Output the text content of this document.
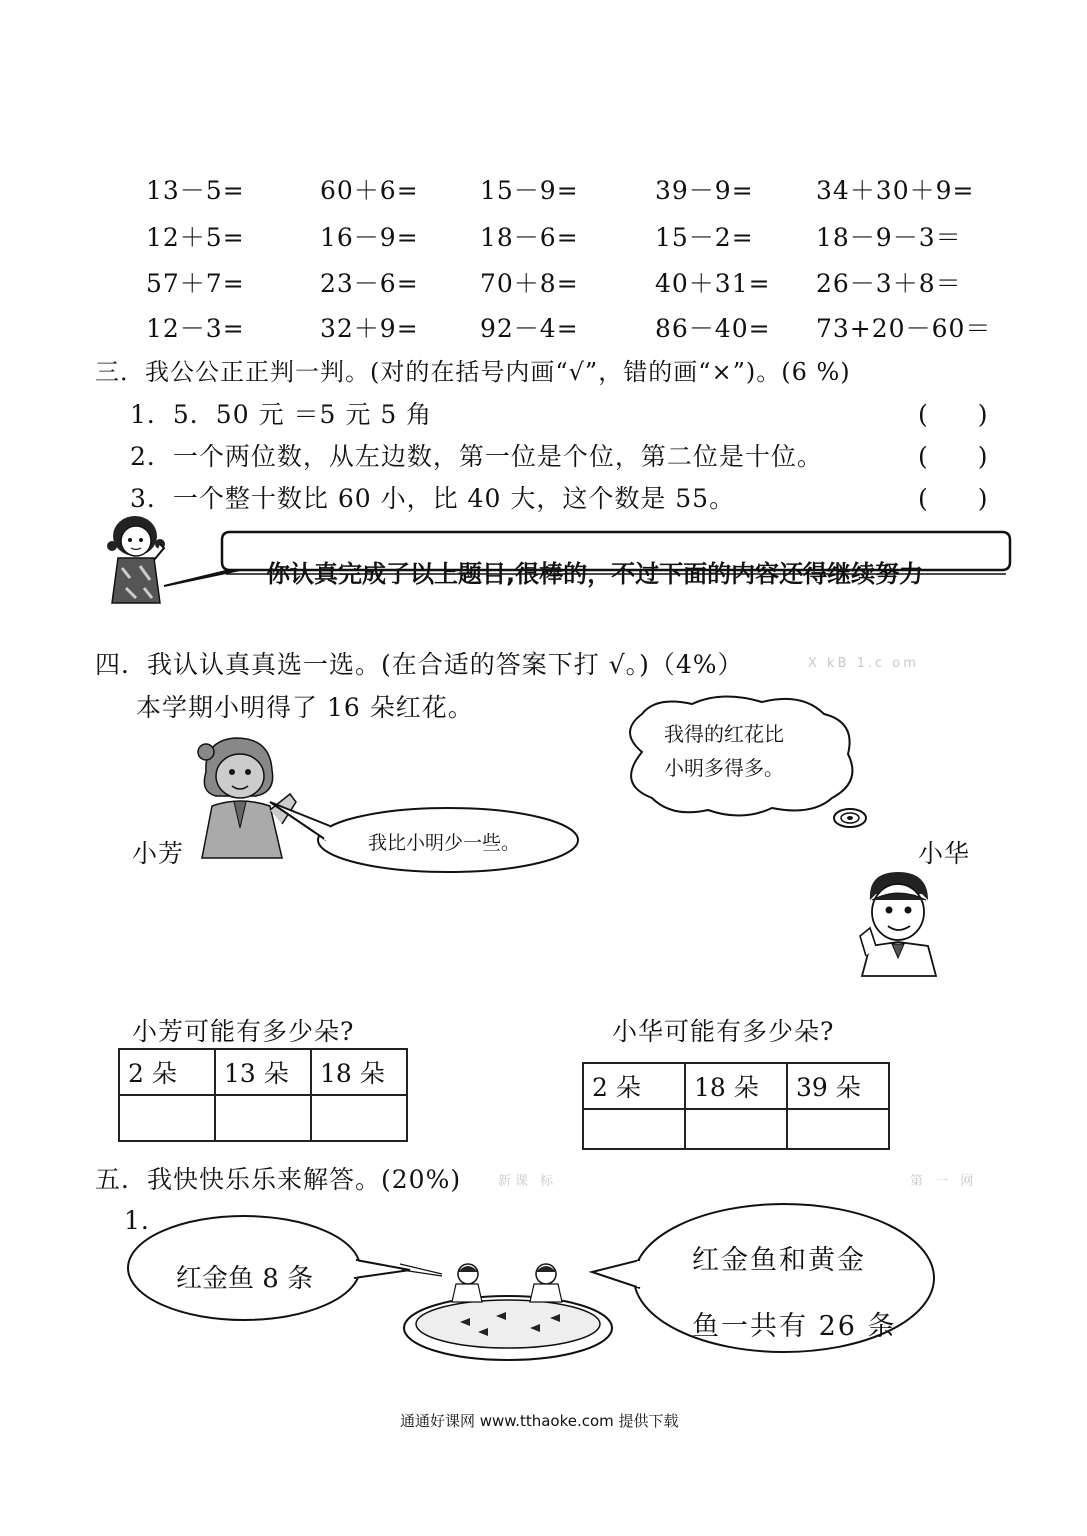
13－5=	60＋6= 15－9=	39－9= 34＋30＋9=
12＋5=	16－9= 18－6=	15－2= 18－9－3＝
57＋7=	23－6= 70＋8=	40＋31= 26－3＋8＝
12－3=	32＋9= 92－4=	86－40= 73+20－60＝
三．我公公正正判一判。(对的在括号内画“√”，错的画“×”)。(6 %)
1．5．50 元 ＝5 元 5 角	(　　)
2．一个两位数，从左边数，第一位是个位，第二位是十位。	(　　)
3．一个整十数比 60 小，比 40 大，这个数是 55。	(　　)
你认真完成了以上题目,很棒的，不过下面的内容还得继续努力
四．我认认真真选一选。(在合适的答案下打 √。)（4%）	X kB 1.c om
本学期小明得了 16 朵红花。
我得的红花比
小明多得多。
我比小明少一些。
小芳	小华
小芳可能有多少朵?	小华可能有多少朵?
2 朵	13 朵	18 朵
			2 朵	18 朵	39 朵

五．我快快乐乐来解答。(20%)	新课 标	第 一 网
1.
红金鱼 8 条
红金鱼和黄金
鱼一共有 26 条
通通好课网 www.tthaoke.com 提供下载
